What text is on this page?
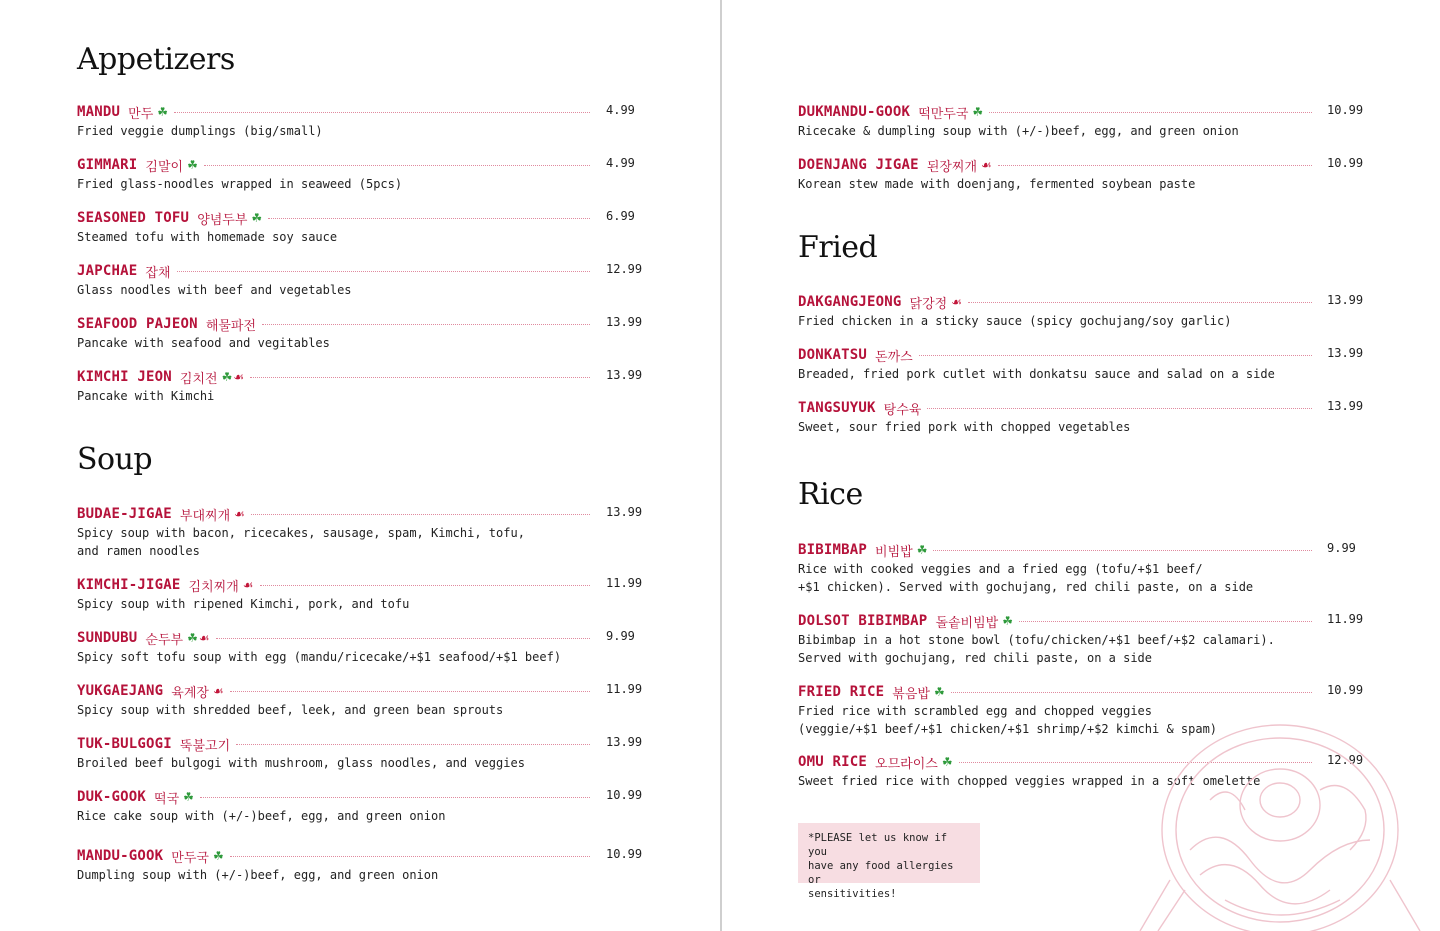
Appetizers
Soup
Fried
Rice
MANDU 만두 ☘
Fried veggie dumplings (big/small)
4.99
GIMMARI 김말이 ☘
Fried glass-noodles wrapped in seaweed (5pcs)
4.99
SEASONED TOFU 양념두부 ☘
Steamed tofu with homemade soy sauce
6.99
JAPCHAE 잡채
Glass noodles with beef and vegetables
12.99
SEAFOOD PAJEON 해물파전
Pancake with seafood and vegitables
13.99
KIMCHI JEON 김치전 ☘ ☙
Pancake with Kimchi
13.99
BUDAE-JIGAE 부대찌개 ☙
Spicy soup with bacon, ricecakes, sausage, spam, Kimchi, tofu,
and ramen noodles
13.99
KIMCHI-JIGAE 김치찌개 ☙
Spicy soup with ripened Kimchi, pork, and tofu
11.99
SUNDUBU 순두부 ☘ ☙
Spicy soft tofu soup with egg (mandu/ricecake/+$1 seafood/+$1 beef)
9.99
YUKGAEJANG 육계장 ☙
Spicy soup with shredded beef, leek, and green bean sprouts
11.99
TUK-BULGOGI 뚝불고기
Broiled beef bulgogi with mushroom, glass noodles, and veggies
13.99
DUK-GOOK 떡국 ☘
Rice cake soup with (+/-)beef, egg, and green onion
10.99
MANDU-GOOK 만두국 ☘
Dumpling soup with (+/-)beef, egg, and green onion
10.99
DUKMANDU-GOOK 떡만두국 ☘
Ricecake & dumpling soup with (+/-)beef, egg, and green onion
10.99
DOENJANG JIGAE 된장찌개 ☙
Korean stew made with doenjang, fermented soybean paste
10.99
DAKGANGJEONG 닭강정 ☙
Fried chicken in a sticky sauce (spicy gochujang/soy garlic)
13.99
DONKATSU 돈까스
Breaded, fried pork cutlet with donkatsu sauce and salad on a side
13.99
TANGSUYUK 탕수육
Sweet, sour fried pork with chopped vegetables
13.99
BIBIMBAP 비빔밥 ☘
Rice with cooked veggies and a fried egg (tofu/+$1 beef/
+$1 chicken). Served with gochujang, red chili paste, on a side
9.99
DOLSOT BIBIMBAP 돌솥비빔밥 ☘
Bibimbap in a hot stone bowl (tofu/chicken/+$1 beef/+$2 calamari).
Served with gochujang, red chili paste, on a side
11.99
FRIED RICE 볶음밥 ☘
Fried rice with scrambled egg and chopped veggies
(veggie/+$1 beef/+$1 chicken/+$1 shrimp/+$2 kimchi & spam)
10.99
OMU RICE 오므라이스 ☘
Sweet fried rice with chopped veggies wrapped in a soft omelette
12.99
*PLEASE let us know if you
have any food allergies or
sensitivities!
